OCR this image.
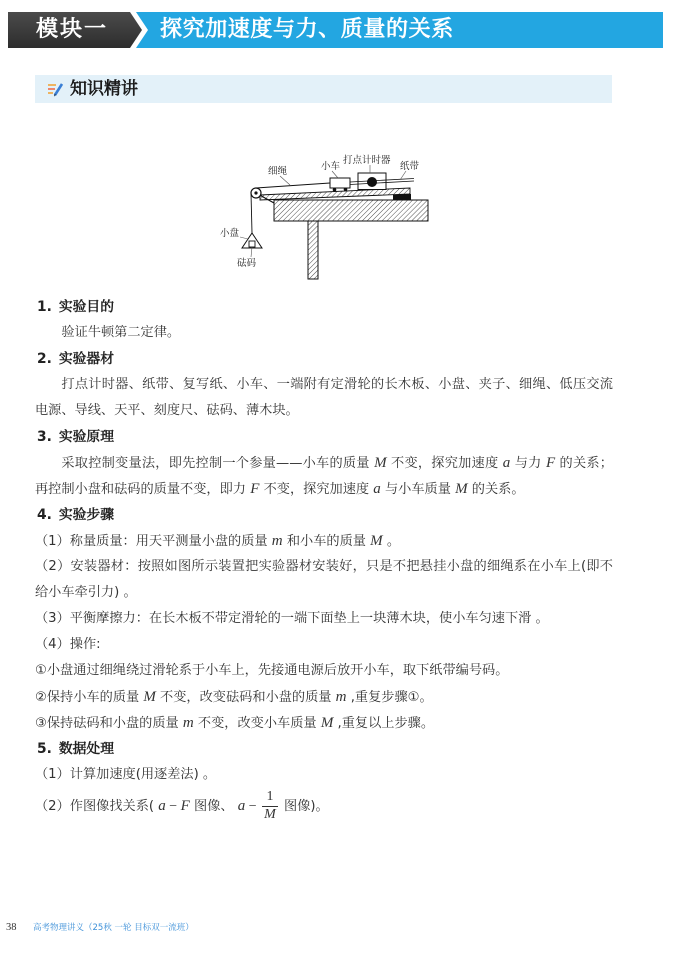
模块一 探究加速度与力、质量的关系
知识精讲
细绳	小车
打点计时器
纸带
小盘
砝码
1. 实验目的
验证牛顿第二定律。
2. 实验器材
打点计时器、纸带、复写纸、小车、一端附有定滑轮的长木板、小盘、夹子、细绳、低压交流
电源、导线、天平、刻度尺、砝码、薄木块。
3. 实验原理
采取控制变量法，即先控制一个参量——小车的质量 M 不变，探究加速度 a 与力 F 的关系；
再控制小盘和砝码的质量不变，即力 F 不变，探究加速度 a 与小车质量 M 的关系。
4. 实验步骤
（1）称量质量：用天平测量小盘的质量 m 和小车的质量 M 。
（2）安装器材：按照如图所示装置把实验器材安装好，只是不把悬挂小盘的细绳系在小车上(即不
给小车牵引力) 。
（3）平衡摩擦力：在长木板不带定滑轮的一端下面垫上一块薄木块，使小车匀速下滑 。
（4）操作:
①小盘通过细绳绕过滑轮系于小车上，先接通电源后放开小车，取下纸带编号码。
②保持小车的质量 M 不变，改变砝码和小盘的质量 m ,重复步骤①。
③保持砝码和小盘的质量 m 不变，改变小车质量 M ,重复以上步骤。
5. 数据处理
（1）计算加速度(用逐差法) 。
（2）作图像找关系( a − F 图像、 $a - \frac{1}{M}$ 图像)。
38 高考物理讲义（25秋 一轮 目标双一流班）
